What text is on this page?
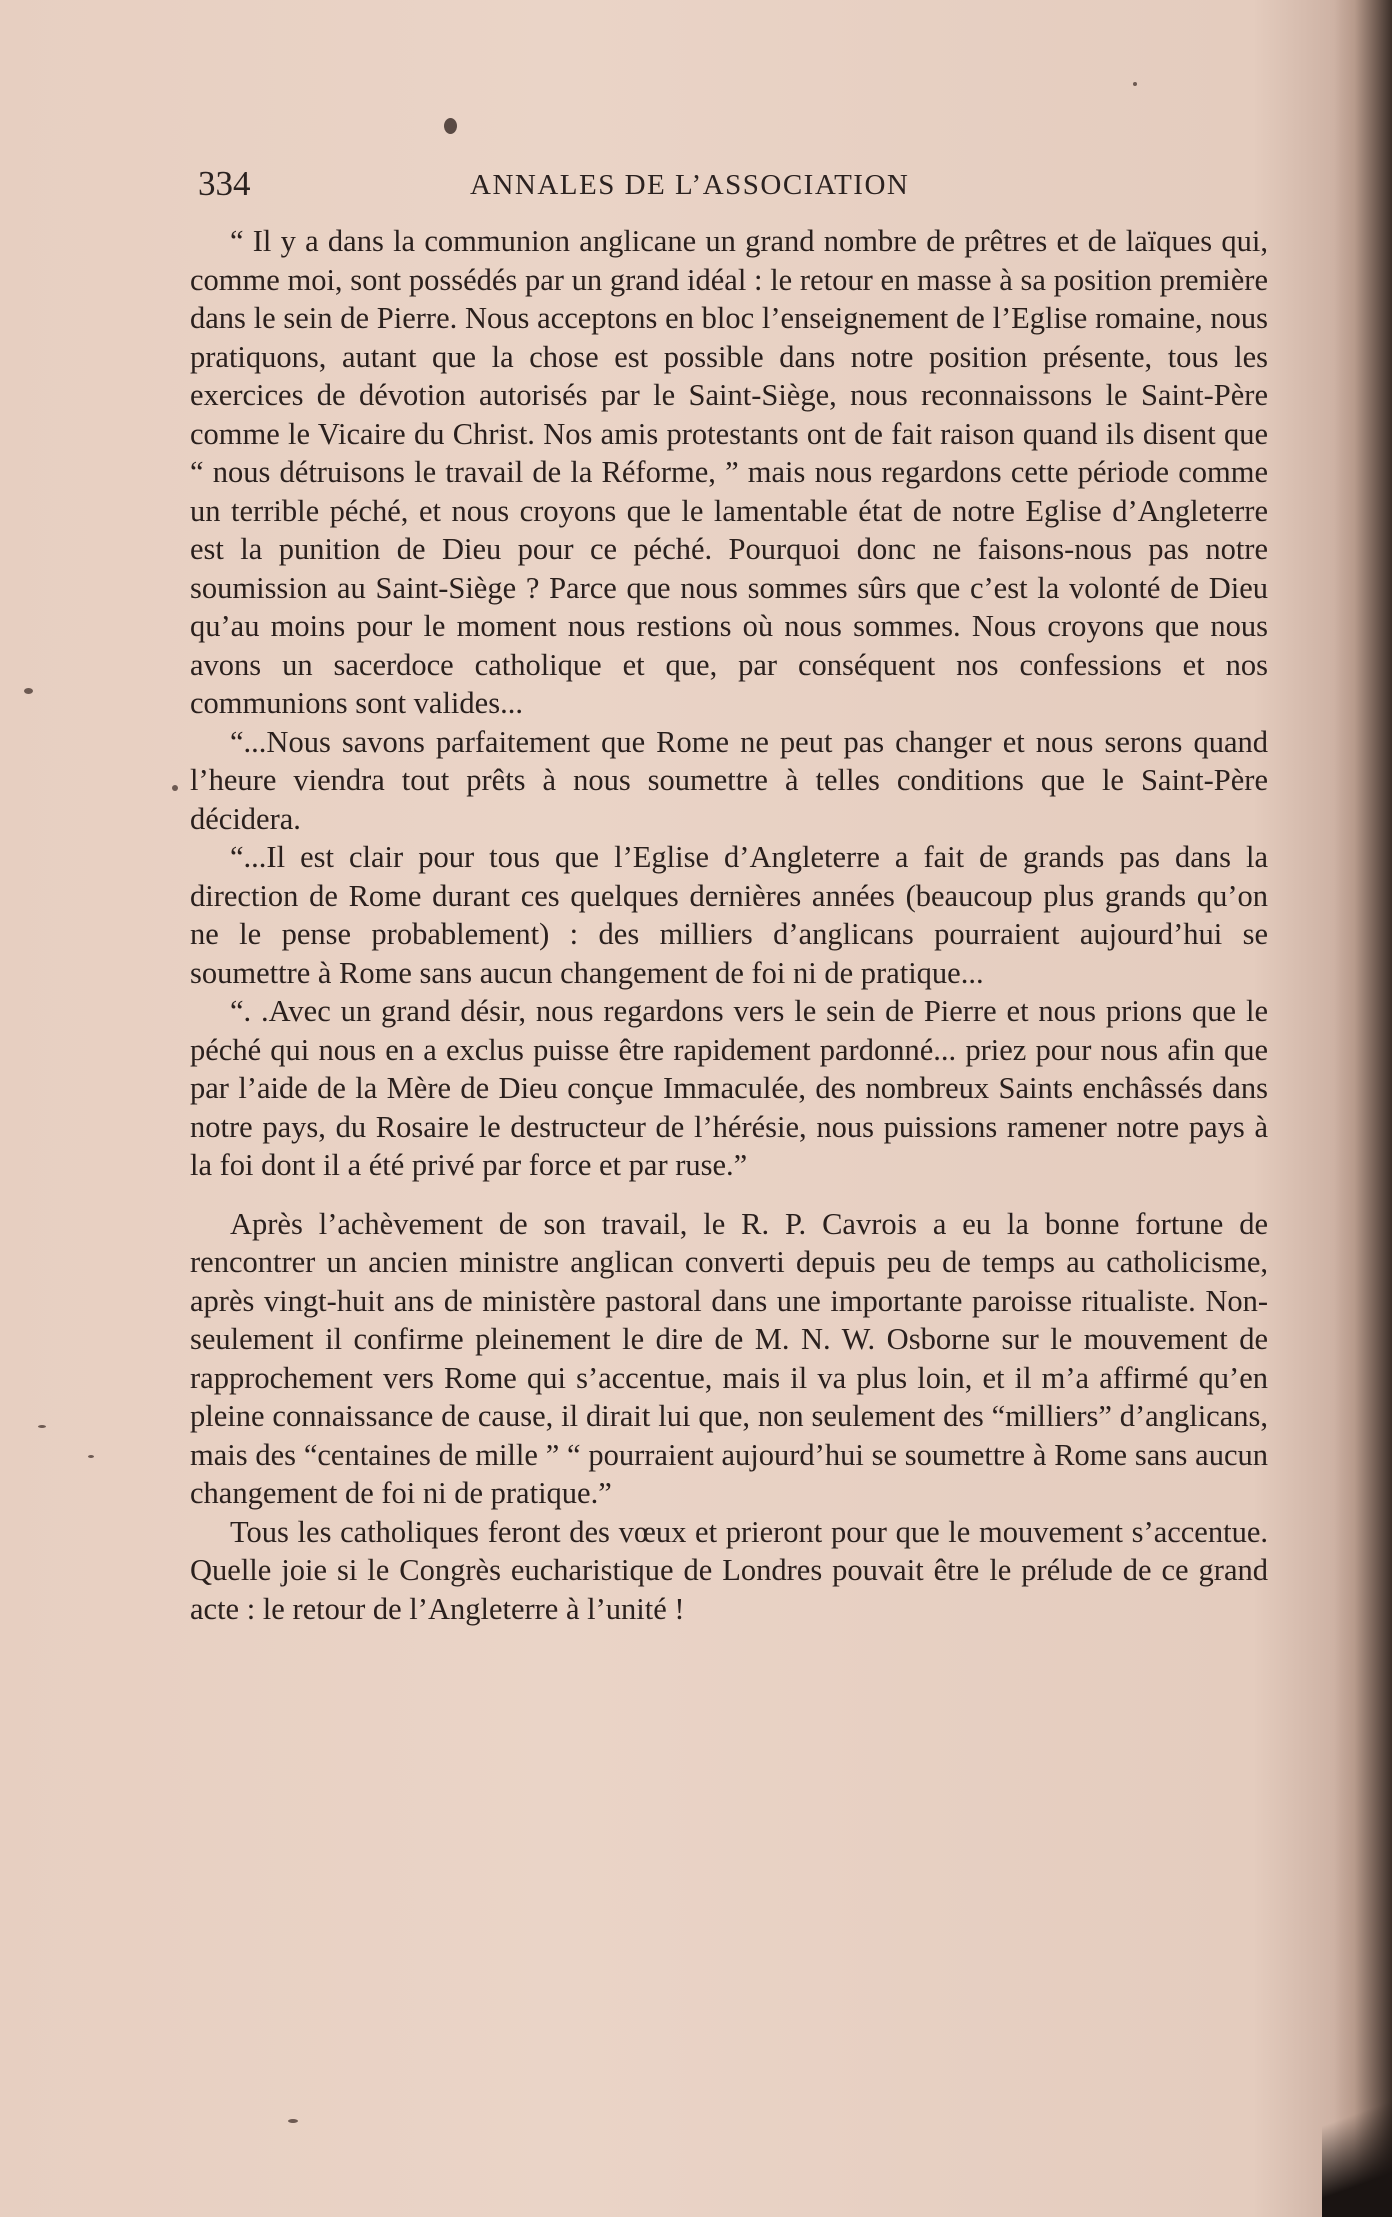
334	ANNALES DE L’ASSOCIATION

“ Il y a dans la communion anglicane un grand nombre de prêtres et de laïques qui, comme moi, sont possédés par un grand idéal : le retour en masse à sa position première dans le sein de Pierre. Nous acceptons en bloc l’enseignement de l’Eglise romaine, nous pratiquons, autant que la chose est possible dans notre position présente, tous les exercices de dévotion autorisés par le Saint-Siège, nous reconnaissons le Saint-Père comme le Vicaire du Christ. Nos amis protestants ont de fait raison quand ils disent que “ nous détruisons le travail de la Réforme, ” mais nous regardons cette période comme un terrible péché, et nous croyons que le lamentable état de notre Eglise d’Angleterre est la punition de Dieu pour ce péché. Pourquoi donc ne faisons-nous pas notre soumission au Saint-Siège ? Parce que nous sommes sûrs que c’est la volonté de Dieu qu’au moins pour le moment nous restions où nous sommes. Nous croyons que nous avons un sacerdoce catholique et que, par conséquent nos confessions et nos communions sont valides...

“...Nous savons parfaitement que Rome ne peut pas changer et nous serons quand l’heure viendra tout prêts à nous soumettre à telles conditions que le Saint-Père décidera.

“...Il est clair pour tous que l’Eglise d’Angleterre a fait de grands pas dans la direction de Rome durant ces quelques dernières années (beaucoup plus grands qu’on ne le pense probablement) : des milliers d’anglicans pourraient aujourd’hui se soumettre à Rome sans aucun changement de foi ni de pratique...

“. .Avec un grand désir, nous regardons vers le sein de Pierre et nous prions que le péché qui nous en a exclus puisse être rapidement pardonné... priez pour nous afin que par l’aide de la Mère de Dieu conçue Immaculée, des nombreux Saints enchâssés dans notre pays, du Rosaire le destructeur de l’hérésie, nous puissions ramener notre pays à la foi dont il a été privé par force et par ruse.”

Après l’achèvement de son travail, le R. P. Cavrois a eu la bonne fortune de rencontrer un ancien ministre anglican converti depuis peu de temps au catholicisme, après vingt-huit ans de ministère pastoral dans une importante paroisse ritualiste. Non-seulement il confirme pleinement le dire de M. N. W. Osborne sur le mouvement de rapprochement vers Rome qui s’accentue, mais il va plus loin, et il m’a affirmé qu’en pleine connaissance de cause, il dirait lui que, non seulement des “milliers” d’anglicans, mais des “centaines de mille ” “ pourraient aujourd’hui se soumettre à Rome sans aucun changement de foi ni de pratique.”

Tous les catholiques feront des vœux et prieront pour que le mouvement s’accentue. Quelle joie si le Congrès eucharistique de Londres pouvait être le prélude de ce grand acte : le retour de l’Angleterre à l’unité !
